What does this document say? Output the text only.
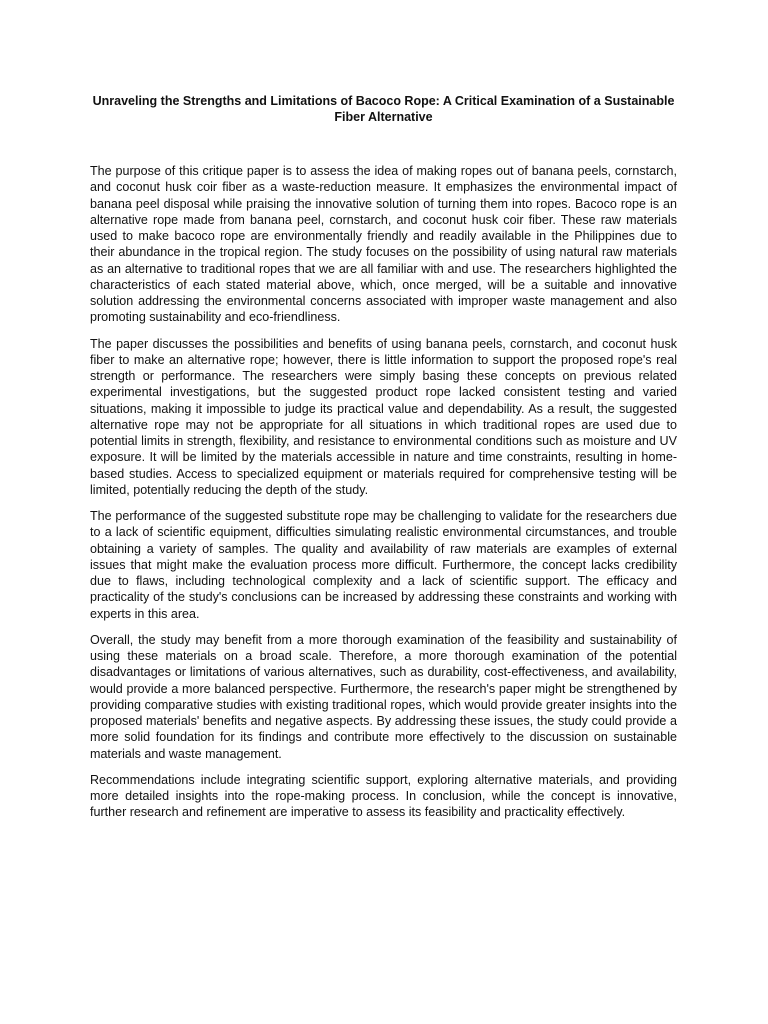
Unraveling the Strengths and Limitations of Bacoco Rope: A Critical Examination of a Sustainable Fiber Alternative

The purpose of this critique paper is to assess the idea of making ropes out of banana peels, cornstarch, and coconut husk coir fiber as a waste-reduction measure. It emphasizes the environmental impact of banana peel disposal while praising the innovative solution of turning them into ropes. Bacoco rope is an alternative rope made from banana peel, cornstarch, and coconut husk coir fiber. These raw materials used to make bacoco rope are environmentally friendly and readily available in the Philippines due to their abundance in the tropical region. The study focuses on the possibility of using natural raw materials as an alternative to traditional ropes that we are all familiar with and use. The researchers highlighted the characteristics of each stated material above, which, once merged, will be a suitable and innovative solution addressing the environmental concerns associated with improper waste management and also promoting sustainability and eco-friendliness.

The paper discusses the possibilities and benefits of using banana peels, cornstarch, and coconut husk fiber to make an alternative rope; however, there is little information to support the proposed rope's real strength or performance. The researchers were simply basing these concepts on previous related experimental investigations, but the suggested product rope lacked consistent testing and varied situations, making it impossible to judge its practical value and dependability. As a result, the suggested alternative rope may not be appropriate for all situations in which traditional ropes are used due to potential limits in strength, flexibility, and resistance to environmental conditions such as moisture and UV exposure. It will be limited by the materials accessible in nature and time constraints, resulting in home-based studies. Access to specialized equipment or materials required for comprehensive testing will be limited, potentially reducing the depth of the study.

The performance of the suggested substitute rope may be challenging to validate for the researchers due to a lack of scientific equipment, difficulties simulating realistic environmental circumstances, and trouble obtaining a variety of samples. The quality and availability of raw materials are examples of external issues that might make the evaluation process more difficult. Furthermore, the concept lacks credibility due to flaws, including technological complexity and a lack of scientific support. The efficacy and practicality of the study's conclusions can be increased by addressing these constraints and working with experts in this area.

Overall, the study may benefit from a more thorough examination of the feasibility and sustainability of using these materials on a broad scale. Therefore, a more thorough examination of the potential disadvantages or limitations of various alternatives, such as durability, cost-effectiveness, and availability, would provide a more balanced perspective. Furthermore, the research's paper might be strengthened by providing comparative studies with existing traditional ropes, which would provide greater insights into the proposed materials' benefits and negative aspects. By addressing these issues, the study could provide a more solid foundation for its findings and contribute more effectively to the discussion on sustainable materials and waste management.

Recommendations include integrating scientific support, exploring alternative materials, and providing more detailed insights into the rope-making process. In conclusion, while the concept is innovative, further research and refinement are imperative to assess its feasibility and practicality effectively.
